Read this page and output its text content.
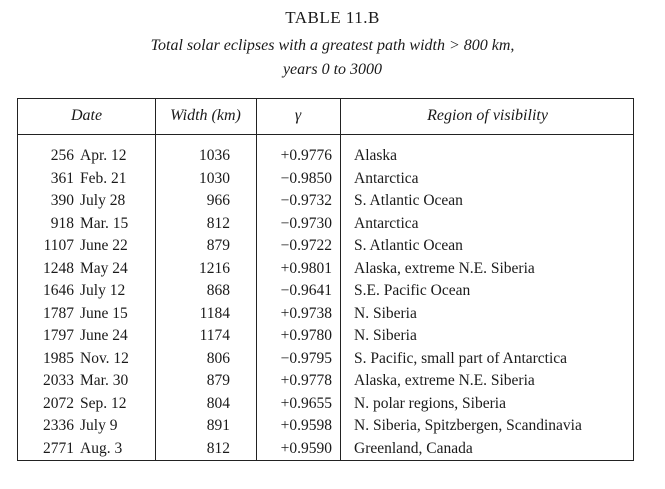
TABLE 11.B
Total solar eclipses with a greatest path width > 800 km,
years 0 to 3000
Date	Width (km)	γ	Region of visibility
256 Apr. 12	1036	+0.9776 Alaska
361 Feb. 21	1030	−0.9850 Antarctica
390 July 28	966	−0.9732 S. Atlantic Ocean
918 Mar. 15	812	−0.9730 Antarctica
1107 June 22	879	−0.9722 S. Atlantic Ocean
1248 May 24	1216	+0.9801 Alaska, extreme N.E. Siberia
1646 July 12	868	−0.9641 S.E. Pacific Ocean
1787 June 15	1184	+0.9738 N. Siberia
1797 June 24	1174	+0.9780 N. Siberia
1985 Nov. 12	806	−0.9795 S. Pacific, small part of Antarctica
2033 Mar. 30	879	+0.9778 Alaska, extreme N.E. Siberia
2072 Sep. 12	804	+0.9655 N. polar regions, Siberia
2336 July 9	891	+0.9598 N. Siberia, Spitzbergen, Scandinavia
2771 Aug. 3	812	+0.9590 Greenland, Canada
